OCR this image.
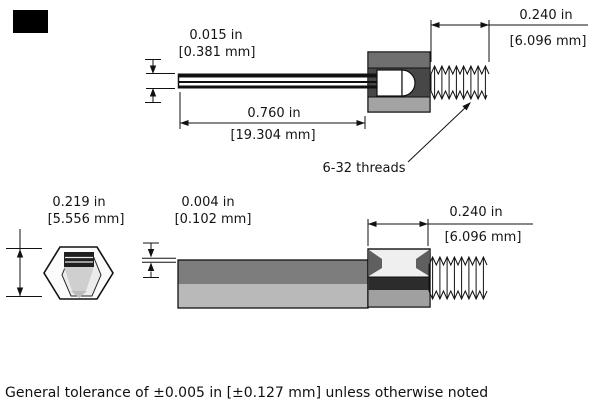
0.015 in
[0.381 mm]
0.240 in
[6.096 mm]
0.760 in
[19.304 mm]
6-32 threads
0.219 in
[5.556 mm]
0.004 in
[0.102 mm]	0.240 in
[6.096 mm]
General tolerance of ±0.005 in [±0.127 mm] unless otherwise noted
